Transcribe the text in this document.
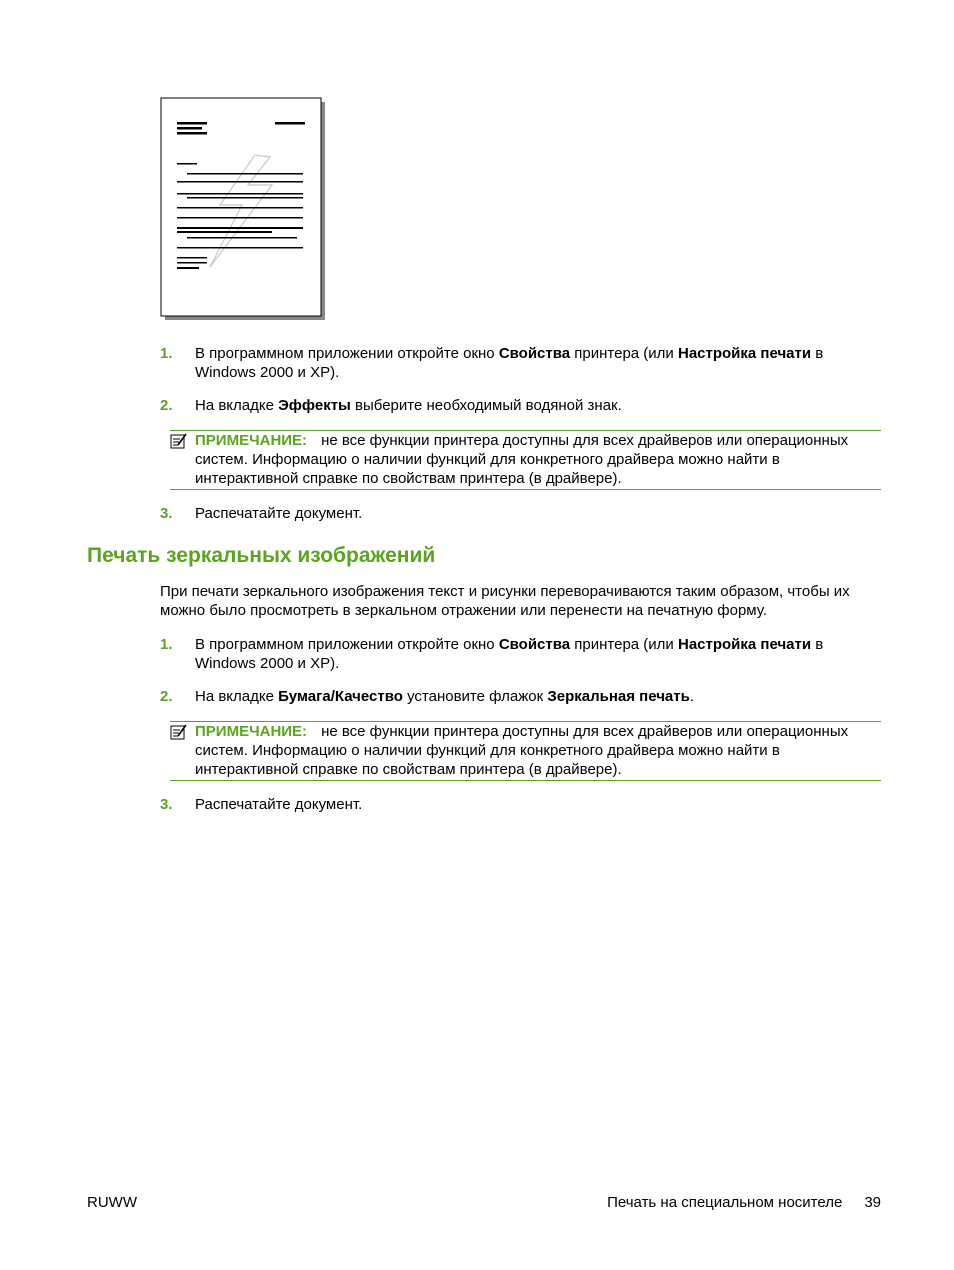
1. В программном приложении откройте окно Свойства принтера (или Настройка печати в Windows 2000 и XP).
2. На вкладке Эффекты выберите необходимый водяной знак.
ПРИМЕЧАНИЕ: не все функции принтера доступны для всех драйверов или операционных систем. Информацию о наличии функций для конкретного драйвера можно найти в интерактивной справке по свойствам принтера (в драйвере).
3. Распечатайте документ.
Печать зеркальных изображений
При печати зеркального изображения текст и рисунки переворачиваются таким образом, чтобы их можно было просмотреть в зеркальном отражении или перенести на печатную форму.
1. В программном приложении откройте окно Свойства принтера (или Настройка печати в Windows 2000 и XP).
2. На вкладке Бумага/Качество установите флажок Зеркальная печать.
ПРИМЕЧАНИЕ: не все функции принтера доступны для всех драйверов или операционных систем. Информацию о наличии функций для конкретного драйвера можно найти в интерактивной справке по свойствам принтера (в драйвере).
3. Распечатайте документ.
RUWW	Печать на специальном носителе 39
